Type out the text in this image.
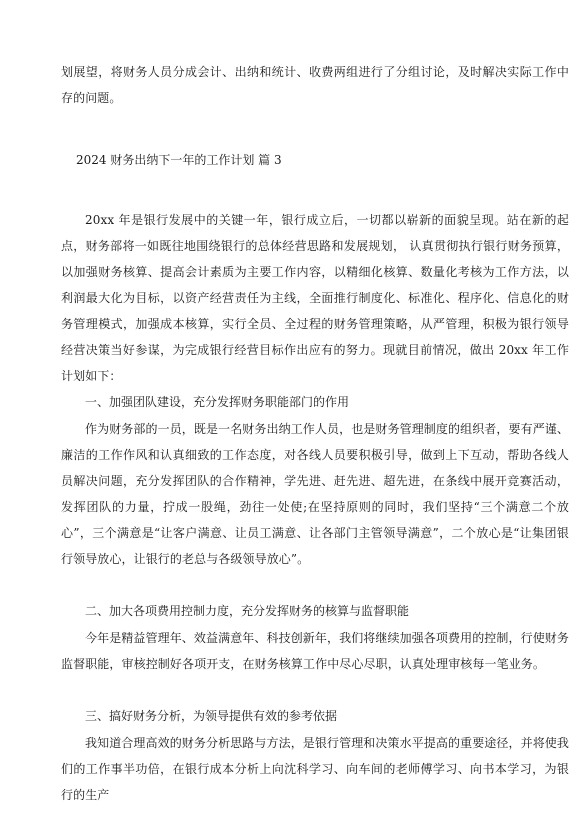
划展望，将财务人员分成会计、出纳和统计、收费两组进行了分组讨论，及时解决实际工作中存的问题。

2024 财务出纳下一年的工作计划 篇 3

20xx 年是银行发展中的关键一年，银行成立后，一切都以崭新的面貌呈现。站在新的起点，财务部将一如既往地围绕银行的总体经营思路和发展规划， 认真贯彻执行银行财务预算，以加强财务核算、提高会计素质为主要工作内容，以精细化核算、数量化考核为工作方法，以利润最大化为目标，以资产经营责任为主线，全面推行制度化、标准化、程序化、信息化的财务管理模式，加强成本核算，实行全员、全过程的财务管理策略，从严管理，积极为银行领导经营决策当好参谋，为完成银行经营目标作出应有的努力。现就目前情况，做出 20xx 年工作计划如下：

一、加强团队建设，充分发挥财务职能部门的作用

作为财务部的一员，既是一名财务出纳工作人员，也是财务管理制度的组织者，要有严谨、廉洁的工作作风和认真细致的工作态度，对各线人员要积极引导，做到上下互动，帮助各线人员解决问题，充分发挥团队的合作精神，学先进、赶先进、超先进，在条线中展开竞赛活动，发挥团队的力量，拧成一股绳，劲往一处使;在坚持原则的同时，我们坚持“三个满意二个放心”，三个满意是“让客户满意、让员工满意、让各部门主管领导满意”，二个放心是“让集团银行领导放心，让银行的老总与各级领导放心”。

二、加大各项费用控制力度，充分发挥财务的核算与监督职能

今年是精益管理年、效益满意年、科技创新年，我们将继续加强各项费用的控制，行使财务监督职能，审核控制好各项开支，在财务核算工作中尽心尽职，认真处理审核每一笔业务。

三、搞好财务分析，为领导提供有效的参考依据

我知道合理高效的财务分析思路与方法，是银行管理和决策水平提高的重要途径，并将使我们的工作事半功倍，在银行成本分析上向沈科学习、向车间的老师傅学习、向书本学习，为银行的生产
